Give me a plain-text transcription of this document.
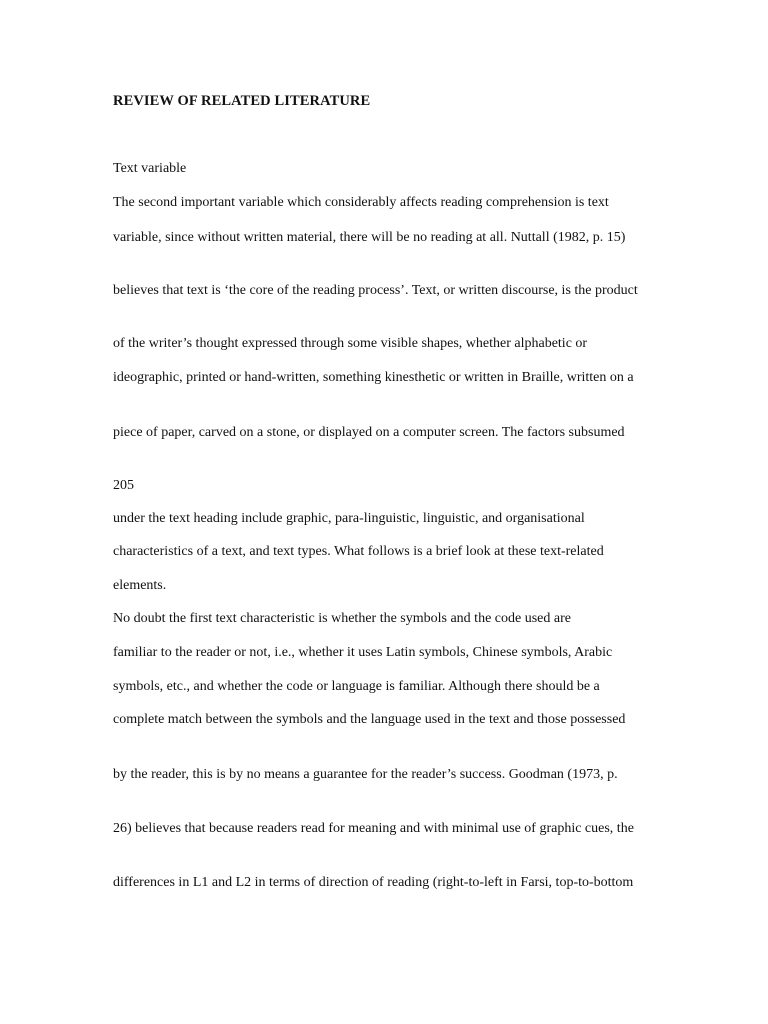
REVIEW OF RELATED LITERATURE
Text variable
The second important variable which considerably affects reading comprehension is text
variable, since without written material, there will be no reading at all. Nuttall (1982, p. 15)
believes that text is ‘the core of the reading process’. Text, or written discourse, is the product
of the writer’s thought expressed through some visible shapes, whether alphabetic or
ideographic, printed or hand-written, something kinesthetic or written in Braille, written on a
piece of paper, carved on a stone, or displayed on a computer screen. The factors subsumed
205
under the text heading include graphic, para-linguistic, linguistic, and organisational
characteristics of a text, and text types. What follows is a brief look at these text-related
elements.
No doubt the first text characteristic is whether the symbols and the code used are
familiar to the reader or not, i.e., whether it uses Latin symbols, Chinese symbols, Arabic
symbols, etc., and whether the code or language is familiar. Although there should be a
complete match between the symbols and the language used in the text and those possessed
by the reader, this is by no means a guarantee for the reader’s success. Goodman (1973, p.
26) believes that because readers read for meaning and with minimal use of graphic cues, the
differences in L1 and L2 in terms of direction of reading (right-to-left in Farsi, top-to-bottom
